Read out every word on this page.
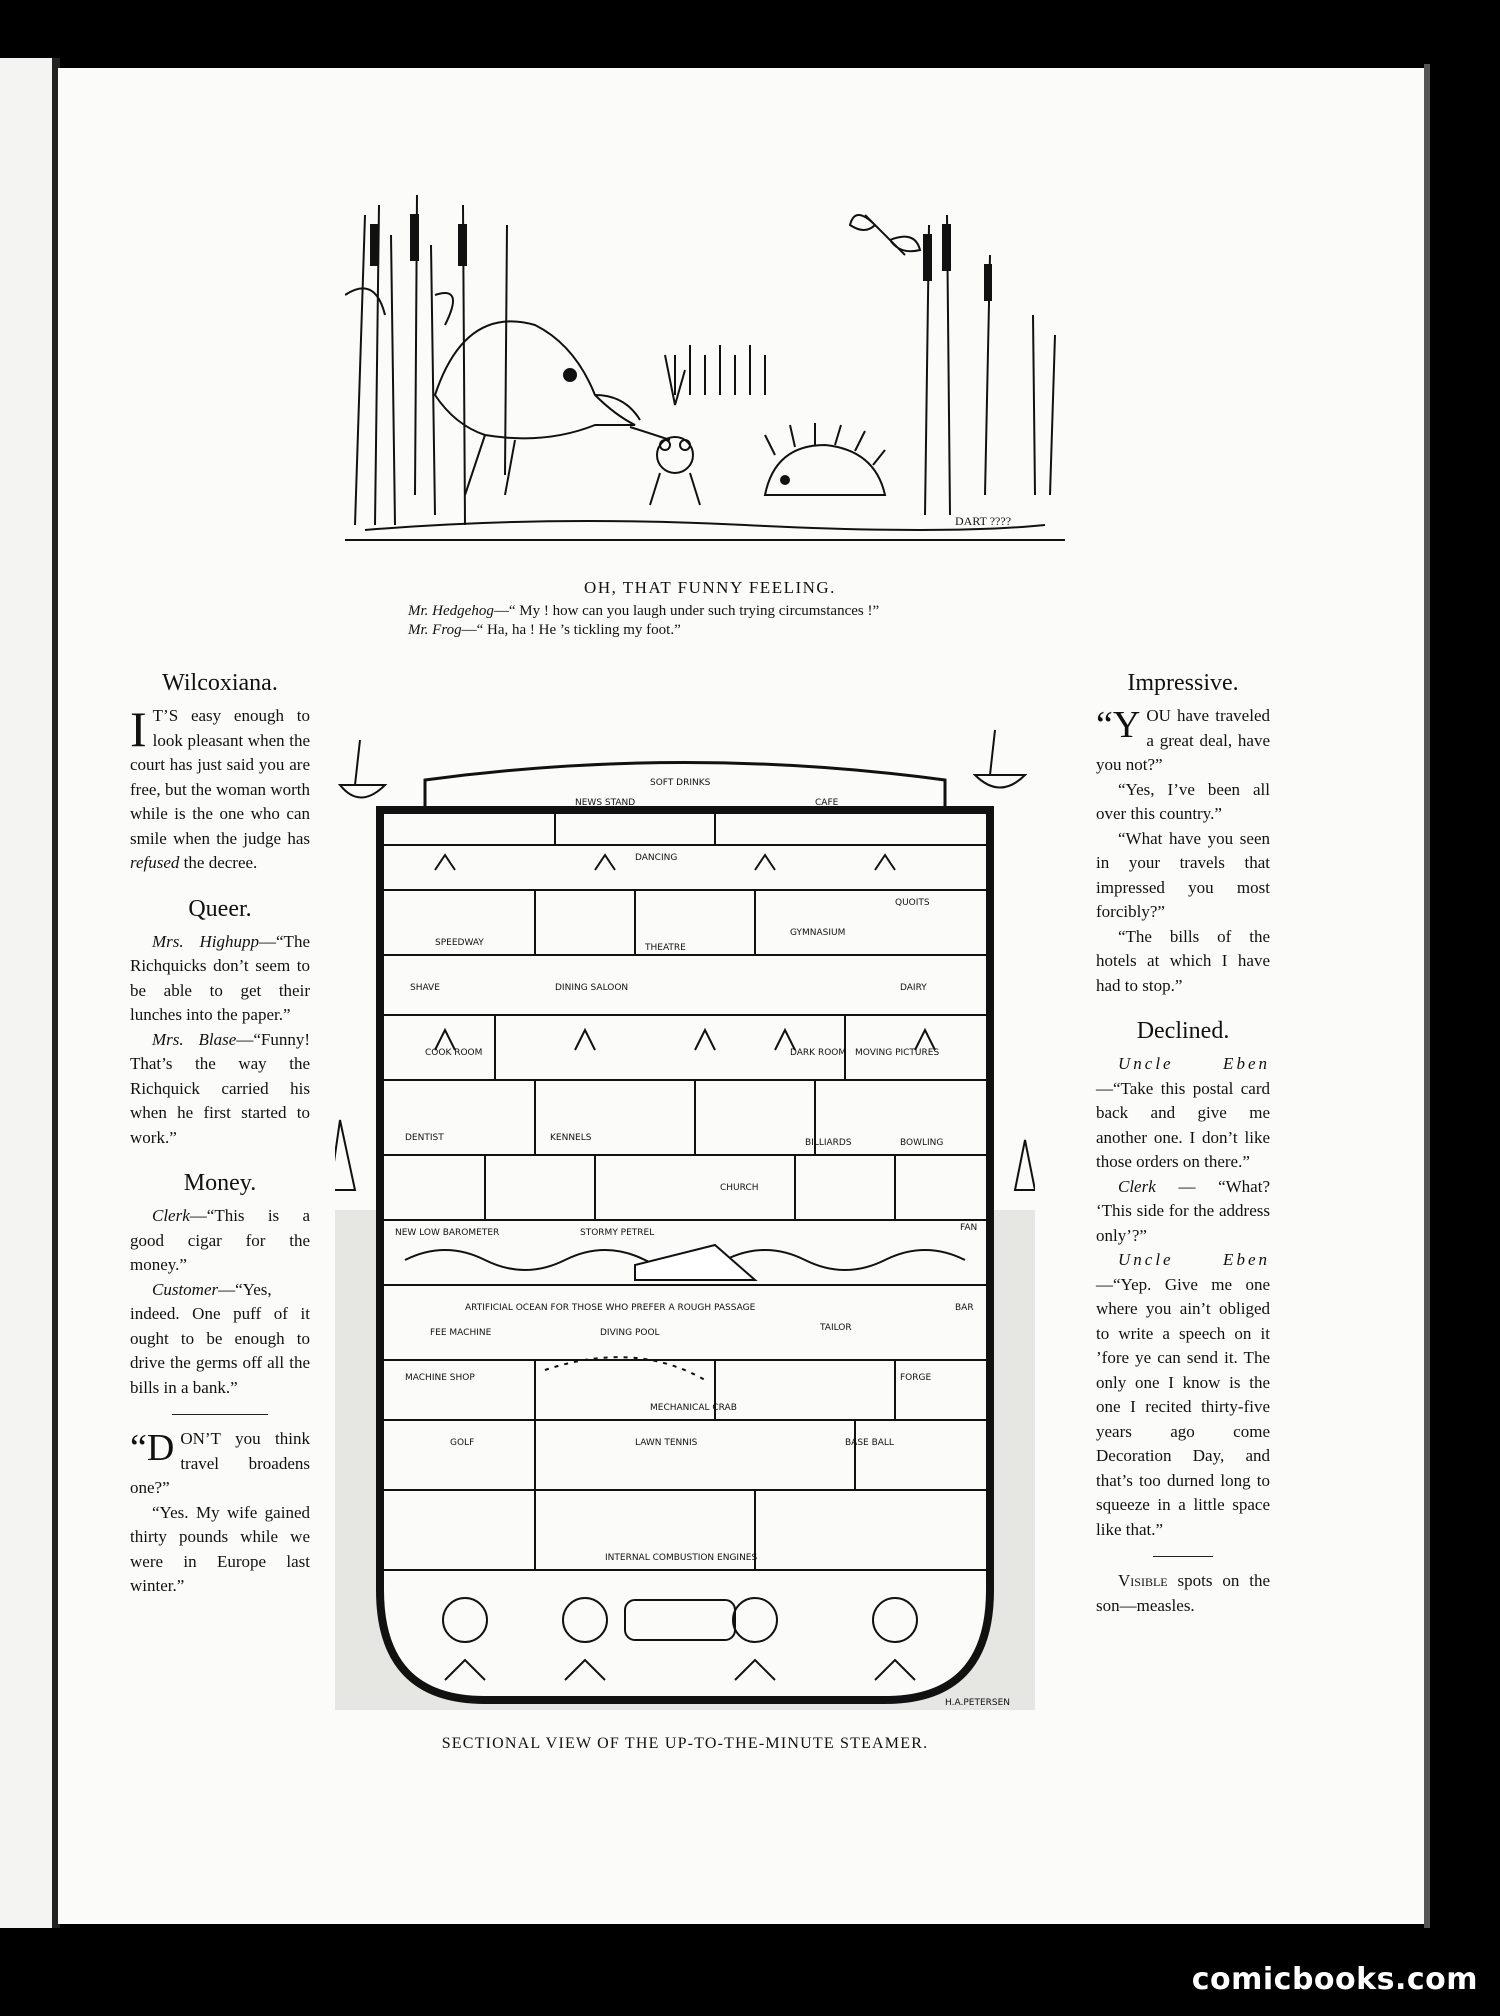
DART ????
OH, THAT FUNNY FEELING.
Mr. Hedgehog—“ My ! how can you laugh under such trying circumstances !”
Mr. Frog—“ Ha, ha ! He ’s tickling my foot.”
Wilcoxiana.

I T’S easy enough to look pleasant when the court has just said you are free, but the woman worth while is the one who can smile when the judge has refused the decree.

Queer.

Mrs. Highupp—“The Richquicks don’t seem to be able to get their lunches into the paper.”

Mrs. Blase—“Funny! That’s the way the Richquick carried his when he first started to work.”

Money.

Clerk—“This is a good cigar for the money.”

Customer—“Yes, indeed. One puff of it ought to be enough to drive the germs off all the bills in a bank.”

“DON’T you think travel broadens one?”

“Yes. My wife gained thirty pounds while we were in Europe last winter.”

Impressive.

“YOU have traveled a great deal, have you not?”

“Yes, I’ve been all over this country.”

“What have you seen in your travels that impressed you most forcibly?”

“The bills of the hotels at which I have had to stop.”

Declined.

Uncle Eben—“Take this postal card back and give me another one. I don’t like those orders on there.”

Clerk — “What? ‘This side for the address only’?”

Uncle Eben—“Yep. Give me one where you ain’t obliged to write a speech on it ’fore ye can send it. The only one I know is the one I recited thirty-five years ago come Decoration Day, and that’s too durned long to squeeze in a little space like that.”

Visible spots on the son—measles.

NEWS STAND
SOFT DRINKS
CAFE
DANCING
SPEEDWAY	THEATRE
GYMNASIUM
QUOITS
SHAVE	DINING SALOON	DAIRY
COOK ROOM	DARK ROOM MOVING PICTURES
DENTIST	KENNELS
CHURCH
BILLIARDS	BOWLING
NEW LOW BAROMETER	STORMY PETREL	FAN
ARTIFICIAL OCEAN FOR THOSE WHO PREFER A ROUGH PASSAGE	BAR
FEE MACHINE	DIVING POOL	TAILOR
MACHINE SHOP
MECHANICAL CRAB
FORGE
GOLF	LAWN TENNIS	BASE BALL
INTERNAL COMBUSTION ENGINES
H.A.PETERSEN
SECTIONAL VIEW OF THE UP-TO-THE-MINUTE STEAMER.
comicbooks.com
